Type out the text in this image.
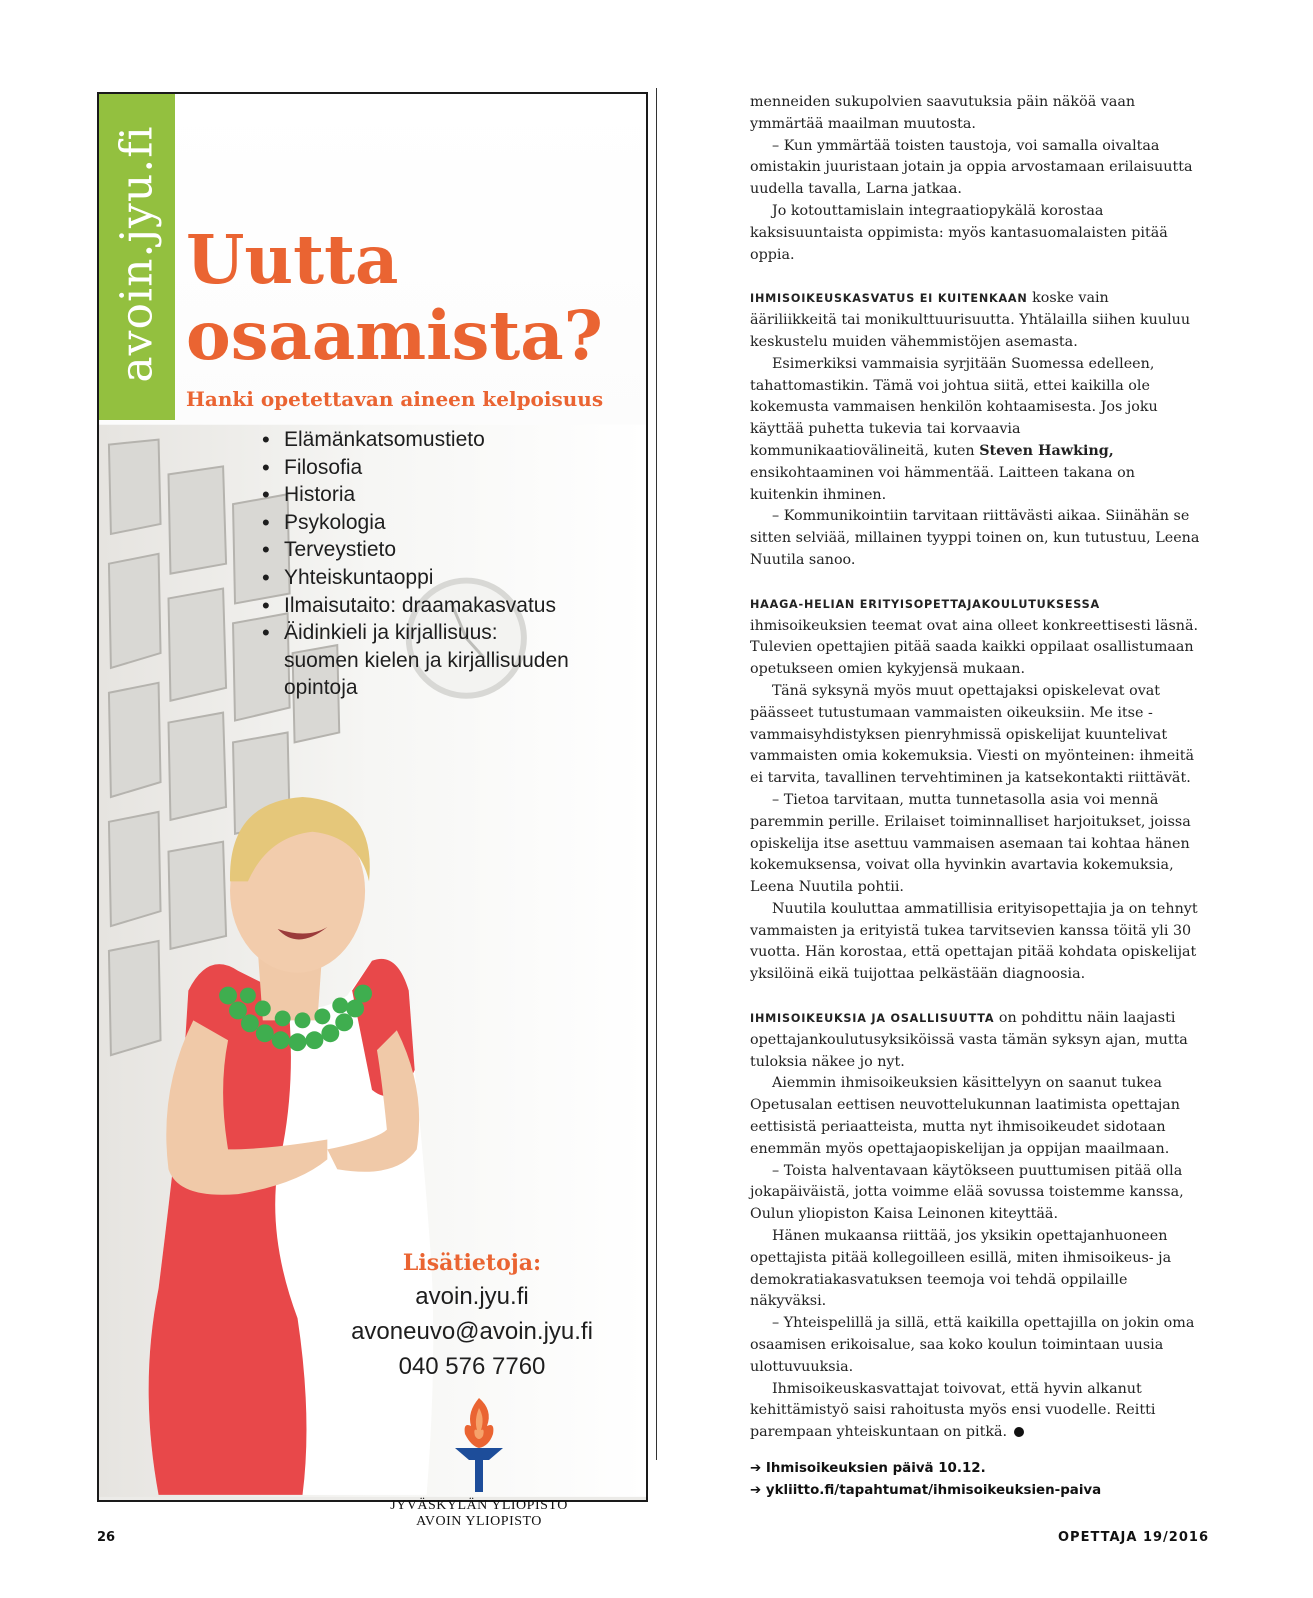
avoin.jyu.fi Uutta
osaamista?
Hanki opetettavan aineen kelpoisuus
• Elämänkatsomustieto
• Filosofia
• Historia
• Psykologia
• Terveystieto
• Yhteiskuntaoppi
• Ilmaisutaito: draamakasvatus
• Äidinkieli ja kirjallisuus:
suomen kielen ja kirjallisuuden opintoja
Lisätietoja:
avoin.jyu.fi
avoneuvo@avoin.jyu.fi
040 576 7760
JYVÄSKYLÄN YLIOPISTO
AVOIN YLIOPISTO

menneiden sukupolvien saavutuksia päin näköä vaan ymmärtää maailman muutosta.

– Kun ymmärtää toisten taustoja, voi samalla oivaltaa omistakin juuristaan jotain ja oppia arvostamaan erilaisuutta uudella tavalla, Larna jatkaa.

Jo kotouttamislain integraatiopykälä korostaa kaksisuuntaista oppimista: myös kantasuomalaisten pitää oppia.

IHMISOIKEUSKASVATUS EI KUITENKAAN koske vain ääriliikkeitä tai monikulttuurisuutta. Yhtälailla siihen kuuluu keskustelu muiden vähemmistöjen asemasta.

Esimerkiksi vammaisia syrjitään Suomessa edelleen, tahattomastikin. Tämä voi johtua siitä, ettei kaikilla ole kokemusta vammaisen henkilön kohtaamisesta. Jos joku käyttää puhetta tukevia tai korvaavia kommunikaatiovälineitä, kuten Steven Hawking, ensikohtaaminen voi hämmentää. Laitteen takana on kuitenkin ihminen.

– Kommunikointiin tarvitaan riittävästi aikaa. Siinähän se sitten selviää, millainen tyyppi toinen on, kun tutustuu, Leena Nuutila sanoo.

HAAGA-HELIAN ERITYISOPETTAJAKOULUTUKSESSA ihmisoikeuksien teemat ovat aina olleet konkreettisesti läsnä. Tulevien opettajien pitää saada kaikki oppilaat osallistumaan opetukseen omien kykyjensä mukaan.

Tänä syksynä myös muut opettajaksi opiskelevat ovat päässeet tutustumaan vammaisten oikeuksiin. Me itse -vammaisyhdistyksen pienryhmissä opiskelijat kuuntelivat vammaisten omia kokemuksia. Viesti on myönteinen: ihmeitä ei tarvita, tavallinen tervehtiminen ja katsekontakti riittävät.

– Tietoa tarvitaan, mutta tunnetasolla asia voi mennä paremmin perille. Erilaiset toiminnalliset harjoitukset, joissa opiskelija itse asettuu vammaisen asemaan tai kohtaa hänen kokemuksensa, voivat olla hyvinkin avartavia kokemuksia, Leena Nuutila pohtii.

Nuutila kouluttaa ammatillisia erityisopettajia ja on tehnyt vammaisten ja erityistä tukea tarvitsevien kanssa töitä yli 30 vuotta. Hän korostaa, että opettajan pitää kohdata opiskelijat yksilöinä eikä tuijottaa pelkästään diagnoosia.

IHMISOIKEUKSIA JA OSALLISUUTTA on pohdittu näin laajasti opettajankoulutusyksiköissä vasta tämän syksyn ajan, mutta tuloksia näkee jo nyt.

Aiemmin ihmisoikeuksien käsittelyyn on saanut tukea Opetusalan eettisen neuvottelukunnan laatimista opettajan eettisistä periaatteista, mutta nyt ihmisoikeudet sidotaan enemmän myös opettajaopiskelijan ja oppijan maailmaan.

– Toista halventavaan käytökseen puuttumisen pitää olla jokapäiväistä, jotta voimme elää sovussa toistemme kanssa, Oulun yliopiston Kaisa Leinonen kiteyttää.

Hänen mukaansa riittää, jos yksikin opettajanhuoneen opettajista pitää kollegoilleen esillä, miten ihmisoikeus- ja demokratiakasvatuksen teemoja voi tehdä oppilaille näkyväksi.

– Yhteispelillä ja sillä, että kaikilla opettajilla on jokin oma osaamisen erikoisalue, saa koko koulun toimintaan uusia ulottuvuuksia.

Ihmisoikeuskasvattajat toivovat, että hyvin alkanut kehittämistyö saisi rahoitusta myös ensi vuodelle. Reitti parempaan yhteiskuntaan on pitkä.

➔ Ihmisoikeuksien päivä 10.12.
➔ ykliitto.fi/tapahtumat/ihmisoikeuksien-paiva
26	OPETTAJA 19/2016
